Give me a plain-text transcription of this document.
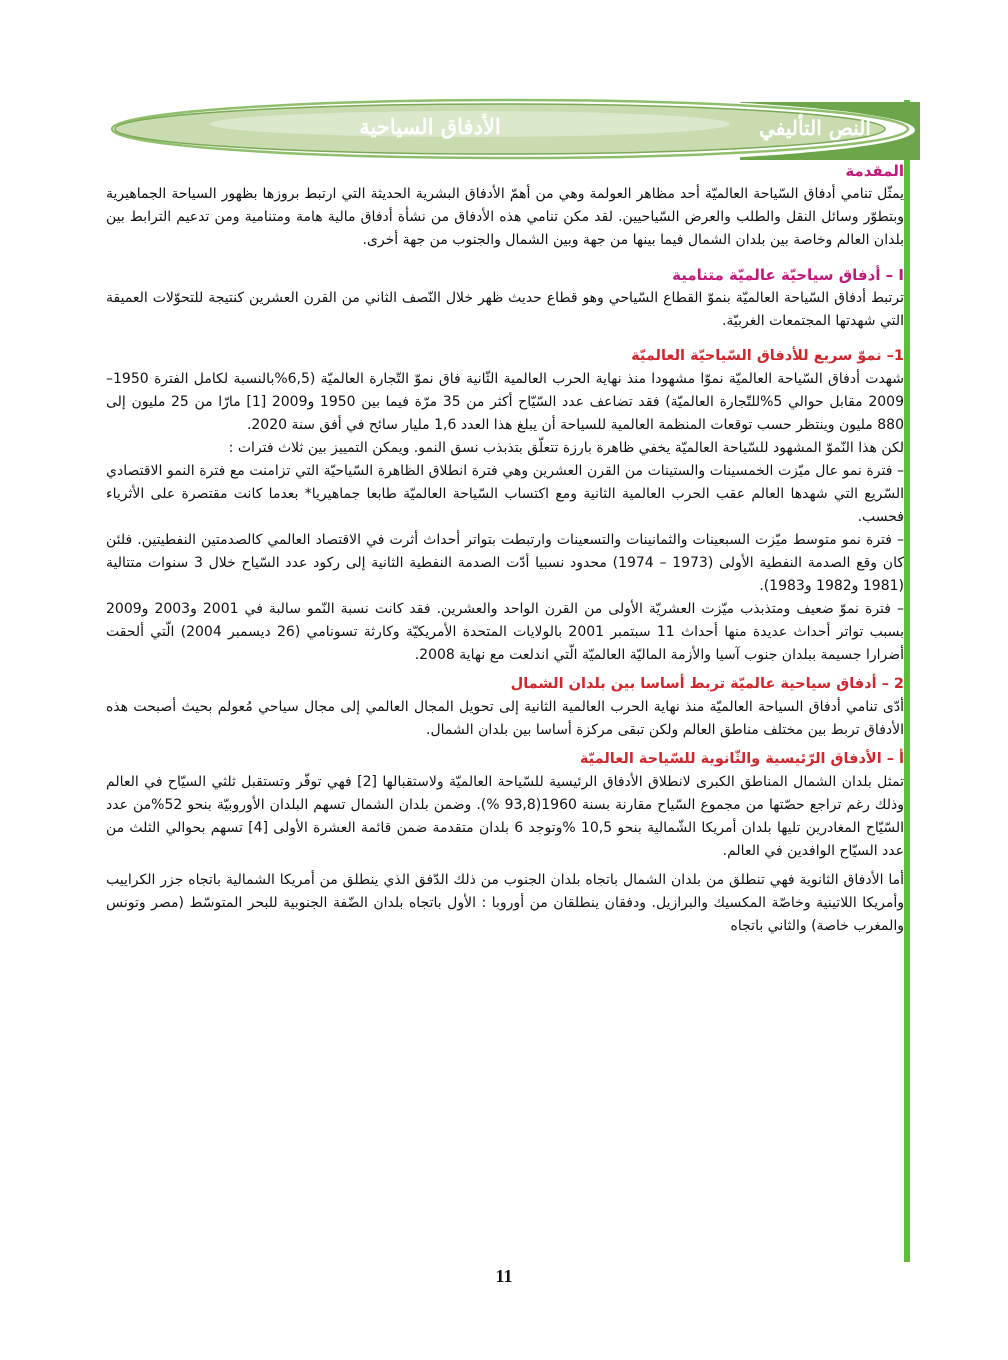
النص التأليفي
الأدفاق السياحية
المقدمة

يمثّل تنامي أدفاق السّياحة العالميّة أحد مظاهر العولمة وهي من أهمّ الأدفاق البشرية الحديثة التي ارتبط بروزها بظهور السياحة الجماهيرية وبتطوّر وسائل النقل والطلب والعرض السّياحيين. لقد مكن تنامي هذه الأدفاق من نشأة أدفاق مالية هامة ومتنامية ومن تدعيم الترابط بين بلدان العالم وخاصة بين بلدان الشمال فيما بينها من جهة وبين الشمال والجنوب من جهة أخرى.

I – أدفاق سياحيّة عالميّة متنامية

ترتبط أدفاق السّياحة العالميّة بنموّ القطاع السّياحي وهو قطاع حديث ظهر خلال النّصف الثاني من القرن العشرين كنتيجة للتحوّلات العميقة التي شهدتها المجتمعات الغربيّة.

1– نموّ سريع للأدفاق السّياحيّة العالميّة

شهدت أدفاق السّياحة العالميّة نموّا مشهودا منذ نهاية الحرب العالمية الثّانية فاق نموّ التّجارة العالميّة (6,5%بالنسبة لكامل الفترة 1950–2009 مقابل حوالي 5%للتّجارة العالميّة) فقد تضاعف عدد السّيّاح أكثر من 35 مرّة فيما بين 1950 و2009 [1] مارّا من 25 مليون إلى 880 مليون وينتظر حسب توقعات المنظمة العالمية للسياحة أن يبلغ هذا العدد 1,6 مليار سائح في أفق سنة 2020.

لكن هذا النّموّ المشهود للسّياحة العالميّة يخفي ظاهرة بارزة تتعلّق بتذبذب نسق النمو. ويمكن التمييز بين ثلاث فترات :

– فترة نمو عال ميّزت الخمسينات والستينات من القرن العشرين وهي فترة انطلاق الظاهرة السّياحيّة التي تزامنت مع فترة النمو الاقتصادي السّريع التي شهدها العالم عقب الحرب العالمية الثانية ومع اكتساب السّياحة العالميّة طابعا جماهيريا* بعدما كانت مقتصرة على الأثرياء فحسب.

– فترة نمو متوسط ميّزت السبعينات والثمانينات والتسعينات وارتبطت بتواتر أحداث أثرت في الاقتصاد العالمي كالصدمتين النفطيتين. فلئن كان وقع الصدمة النفطية الأولى (1973 – 1974) محدود نسبيا أدّت الصدمة النفطية الثانية إلى ركود عدد السّياح خلال 3 سنوات متتالية (1981 و1982 و1983).

– فترة نموّ ضعيف ومتذبذب ميّزت العشريّة الأولى من القرن الواحد والعشرين. فقد كانت نسبة النّمو سالبة في 2001 و2003 و2009 بسبب تواتر أحداث عديدة منها أحداث 11 سبتمبر 2001 بالولايات المتحدة الأمريكيّة وكارثة تسونامي (26 ديسمبر 2004) الّتي ألحقت أضرارا جسيمة ببلدان جنوب آسيا والأزمة الماليّة العالميّة الّتي اندلعت مع نهاية 2008.

2 – أدفاق سياحية عالميّة تربط أساسا بين بلدان الشمال

أدّى تنامي أدفاق السياحة العالميّة منذ نهاية الحرب العالمية الثانية إلى تحويل المجال العالمي إلى مجال سياحي مُعولم بحيث أصبحت هذه الأدفاق تربط بين مختلف مناطق العالم ولكن تبقى مركزة أساسا بين بلدان الشمال.

أ – الأدفاق الرّئيسية والثّانوية للسّياحة العالميّة

تمثل بلدان الشمال المناطق الكبرى لانطلاق الأدفاق الرئيسية للسّياحة العالميّة ولاستقبالها [2] فهي توفّر وتستقبل ثلثي السيّاح في العالم وذلك رغم تراجع حصّتها من مجموع السّياح مقارنة بسنة 1960(93,8 %). وضمن بلدان الشمال تسهم البلدان الأوروبيّة بنحو 52%من عدد السّيّاح المغادرين تليها بلدان أمريكا الشّمالية بنحو 10,5 %وتوجد 6 بلدان متقدمة ضمن قائمة العشرة الأولى [4] تسهم بحوالي الثلث من عدد السيّاح الوافدين في العالم.

أما الأدفاق الثانوية فهي تنطلق من بلدان الشمال باتجاه بلدان الجنوب من ذلك الدّفق الذي ينطلق من أمريكا الشمالية باتجاه جزر الكراييب وأمريكا اللاتينية وخاصّة المكسيك والبرازيل. ودفقان ينطلقان من أوروبا : الأول باتجاه بلدان الضّفة الجنوبية للبحر المتوسّط (مصر وتونس والمغرب خاصة) والثاني باتجاه

11
